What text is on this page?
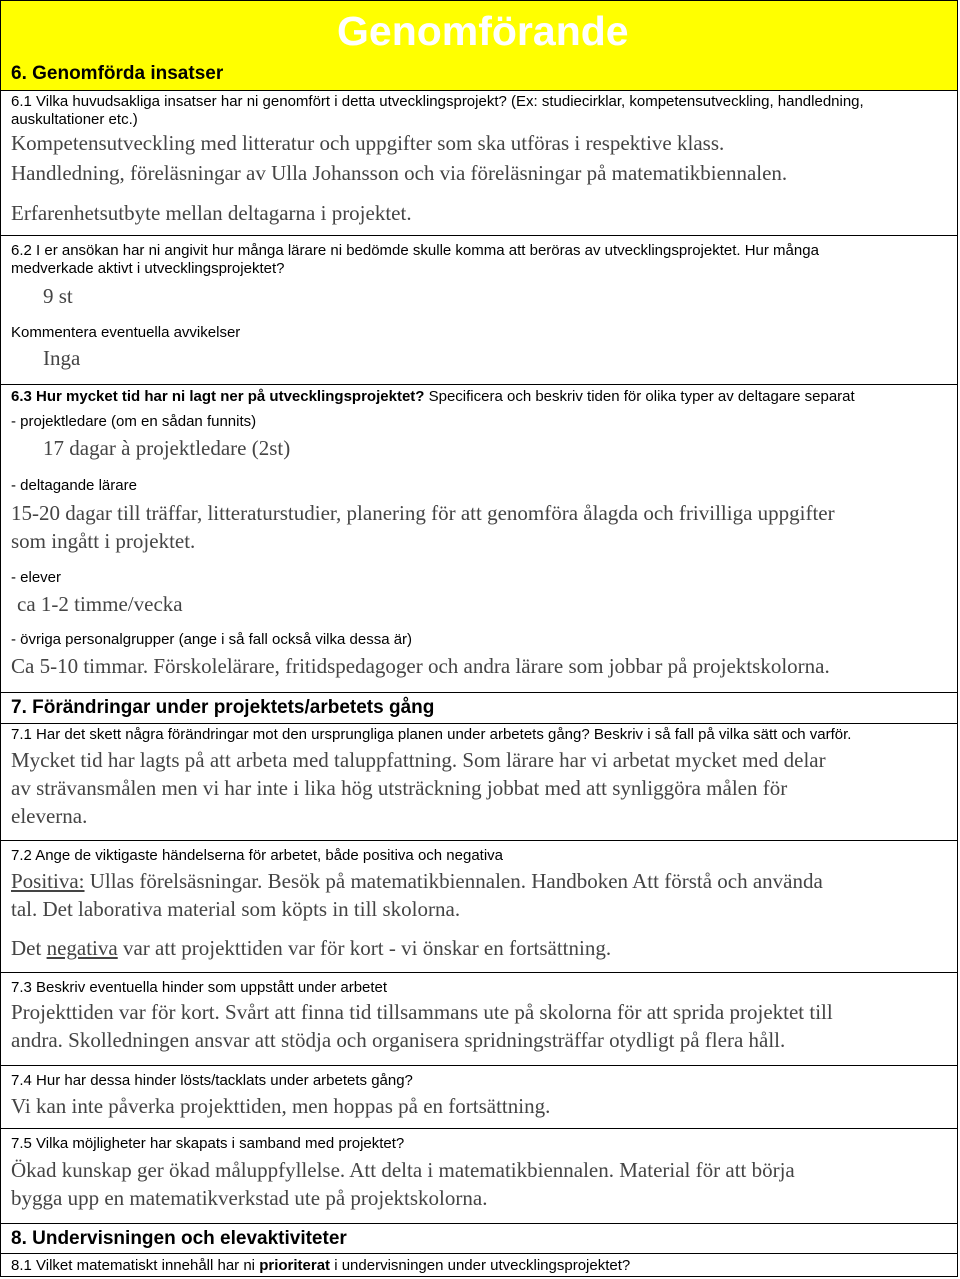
Genomförande
6. Genomförda insatser
6.1 Vilka huvudsakliga insatser har ni genomfört i detta utvecklingsprojekt? (Ex: studiecirklar, kompetensutveckling, handledning,
auskultationer etc.)
Kompetensutveckling med litteratur och uppgifter som ska utföras i respektive klass.
Handledning, föreläsningar av Ulla Johansson och via föreläsningar på matematikbiennalen.
Erfarenhetsutbyte mellan deltagarna i projektet.
6.2 I er ansökan har ni angivit hur många lärare ni bedömde skulle komma att beröras av utvecklingsprojektet. Hur många
medverkade aktivt i utvecklingsprojektet?
9 st
Kommentera eventuella avvikelser
Inga
6.3 Hur mycket tid har ni lagt ner på utvecklingsprojektet? Specificera och beskriv tiden för olika typer av deltagare separat
- projektledare (om en sådan funnits)
17 dagar à projektledare (2st)
- deltagande lärare
15-20 dagar till träffar, litteraturstudier, planering för att genomföra ålagda och frivilliga uppgifter
som ingått i projektet.
- elever
ca 1-2 timme/vecka
- övriga personalgrupper (ange i så fall också vilka dessa är)
Ca 5-10 timmar. Förskolelärare, fritidspedagoger och andra lärare som jobbar på projektskolorna.
7. Förändringar under projektets/arbetets gång
7.1 Har det skett några förändringar mot den ursprungliga planen under arbetets gång? Beskriv i så fall på vilka sätt och varför.
Mycket tid har lagts på att arbeta med taluppfattning. Som lärare har vi arbetat mycket med delar
av strävansmålen men vi har inte i lika hög utsträckning jobbat med att synliggöra målen för
eleverna.
7.2 Ange de viktigaste händelserna för arbetet, både positiva och negativa
Positiva: Ullas förelsäsningar. Besök på matematikbiennalen. Handboken Att förstå och använda
tal. Det laborativa material som köpts in till skolorna.
Det negativa var att projekttiden var för kort - vi önskar en fortsättning.
7.3 Beskriv eventuella hinder som uppstått under arbetet
Projekttiden var för kort. Svårt att finna tid tillsammans ute på skolorna för att sprida projektet till
andra. Skolledningen ansvar att stödja och organisera spridningsträffar otydligt på flera håll.
7.4 Hur har dessa hinder lösts/tacklats under arbetets gång?
Vi kan inte påverka projekttiden, men hoppas på en fortsättning.
7.5 Vilka möjligheter har skapats i samband med projektet?
Ökad kunskap ger ökad måluppfyllelse. Att delta i matematikbiennalen. Material för att börja
bygga upp en matematikverkstad ute på projektskolorna.
8. Undervisningen och elevaktiviteter
8.1 Vilket matematiskt innehåll har ni prioriterat i undervisningen under utvecklingsprojektet?
